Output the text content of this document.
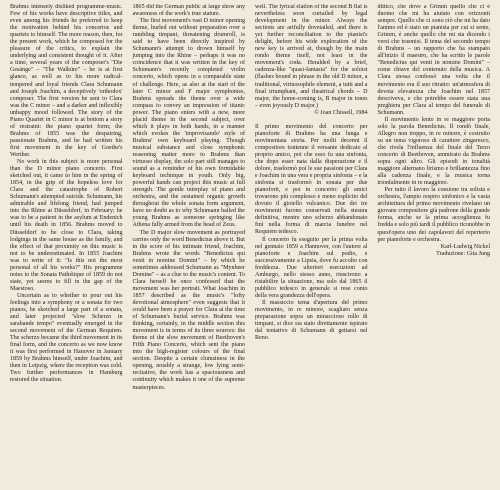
Brahms intensely disliked programme-music. Few of his works have descriptive titles, and even among his friends he preferred to keep the motivation behind his concertos and quartets to himself. The more reason, then, for the present work, which he composed for the pleasure of the critics, to explain the underlying and consistent thought of it. After a time, several years of the composer's "Die Gesänge" – "The Walküre" – he is at first glance, as well as to his more radical-tempered and loyal friends Clara Schumann and Joseph Joachim, a deceptively 'orthodox' composer. The first version he sent to Clara was the C minor – and a darker and inflexibly unhappy mood followed. The story of the Piano Quartet in C minor is at bottom a story of restraint: the piano quartet form; the Brahms of 1855 was the despairing, passionate Brahms, and he had written his first movement in the key of Goethe's Werther.

No work in this subject is more personal than the D minor piano concerto. First sketched out, it came to him in the spring of 1854, in the grip of the hopeless love for Clara and the catastrophe of Robert Schumann's attempted suicide. Schumann, his admirable and lifelong friend, had jumped into the Rhine at Düsseldorf, in February; he was to be a patient in the asylum at Endenich until his death in 1856. Brahms moved to Düsseldorf to be close to Clara, taking lodgings in the same house as the family, and the effect of that proximity on this music is not to be underestimated. In 1855 Joachim was to write of it: "Is this not the most personal of all his works?" His programme notes to the Sonata Pathétique of 1859 do not state, yet seems to fill in the gap of the Maestoso.

Uncertain as to whether to pour out his feelings into a symphony or a sonata for two pianos, he sketched a large part of a sonata, and later projected "slow Scherzo in sarabande tempo" eventually emerged in the second movement of the German Requiem. The scherzo became the third movement in its final form, and the concerto as we now know it was first performed in Hanover in January 1859 by Brahms himself, under Joachim, and then in Leipzig, where the reception was cold. Two further performances in Hamburg restored the situation.

1865 did the German public at large show any awareness of the work's true stature.

The first movement's vast D minor opening theme, hurled out without preparation over a rumbling timpani, threatening drumroll, is said to have been directly inspired by Schumann's attempt to drown himself by jumping into the Rhine – perhaps it was no coincidence that it was written in the key of Schumann's recently completed violin concerto, which opens in a comparable state of challenge. Here, as also at the start of the later C minor and F major symphonies, Brahms spreads the theme over a wide compass to convey an impression of titanic power. The piano enters with a new, more placid theme in the second subject, over which it plays in both hands, in a manner which evokes the 'improvisando' style of Brahms' own keyboard playing. Though musical substance and close symphonic reasoning matter more to Brahms than virtuoso display, the solo part still manages to sound as a reminder of his own formidable keyboard technique in youth. Only big, powerful hands can project this music at full strength. The gentle interplay of piano and orchestra, and the sustained organic growth throughout the whole sonata form argument, have no doubt as to why Schumann hailed the young Brahms as someone springing like Athena fully armed from the head of Zeus.

The D major slow movement as portrayed carries only the word Benedictus above it. But in the score of his intimate friend, Joachim, Brahms wrote the words "Benedictus qui venit in nomine Domini" – by which he sometimes addressed Schumann as "Mynheer Domine" – as a clue to the music's content. To Clara herself he once confessed that the movement was her portrait. What Joachim in 1857 described as the music's "lofty devotional atmosphere" even suggests that it could have been a prayer for Clara at the time of Schumann's burial service. Brahms was thinking, certainly, in the middle section this movement is in terms of its three sources: the theme of the slow movement of Beethoven's Fifth Piano Concerto, which sent the piano into the high-register colours of the final section. Despite a certain clumsiness in the opening, notably a strange, low lying semi-recitative, the work has a spaciousness and continuity which makes it one of the supreme masterpieces.

well. The lyrical elation of the second B flat is nevertheless soon curtailed by legal development in the minor. Always the sections are artfully dovetailed, and there is yet further reconciliation to the pianist's delight, before his wide exploration of the new key is arrived at, though by the main rondo theme itself, not least in the movement's coda. Heralded by a brief, cadenza-like "quasi-fantasia" for the soloist (flashes bound in phrase in the old D minor, a traditional, virtuosophile element, a tutti and a final triumphant, and theatrical chords – D major, the home-coming is, B major in tones – even joyously D major.)

© Joan Chissell, 1984

Il primo movimento del concerto per pianoforte di Brahms ha una lunga e movimentata storia. Per molti decenni il compositore trattenne il versante dedicato al proprio amico, poi che esso fu una sinfonia, che dopo esser nata dalla disperazione e il dolore, trasformò poi le sue passioni per Clara e Joachim in una vera e propria sinfonia – e la sinfonia si trasformò in sonata per due pianoforti, e poi in concerto: gli amici trovarono più complesso e meno esplicito del dovuto il gioiello vulcanico. Due dei tre movimenti furono conservati nella stesura definitiva, mentre uno scherzo abbandonato finì nella forma di marcia funebre nel Requiem tedesco.

Il concerto fu eseguito per la prima volta nel gennaio 1859 a Hannover, con l'autore al pianoforte e Joachim sul podio, e successivamente a Lipsia, dove fu accolto con freddezza. Due ulteriori esecuzioni ad Amburgo, nello stesso anno, riuscirono a ristabilire la situazione, ma solo dal 1865 il pubblico tedesco in generale si rese conto della vera grandezza dell'opera.

Il massiccio tema d'apertura del primo movimento, in re minore, scagliato senza preparazione sopra un minaccioso rullo di timpani, si dice sia stato direttamente ispirato dal tentativo di Schumann di gettarsi nel Reno.

dittico, che dove a Grimm quello che ci è duomo che mi ha aiutato con orizzonti sempre. Quello che ci sono ciò che mi ha dato l'animo ed è stato un pianista per cui si sente, Grimm, è anche quello che mi sta dicendo i versi che trasmisi. Il tema del secondo tempo di Brahms – un rapporto che ha stampato all'inizio il maestro, che ha scritto le parole "Benedictus qui venit in nomine Domini" – come chiave del contenuto della musica. A Clara stessa confessò una volta che il movimento era il suo ritratto: un'atmosfera di devota elevatezza che Joachim nel 1857 descriveva, e che potrebbe essere stata una preghiera per Clara al tempo del funerale di Schumann.

Il movimento lento in re maggiore porta solo la parola Benedictus. Il rondò finale, Allegro non troppo, in re minore, è costruito su un tema vigoroso di carattere zingaresco, che rivela l'influenza del finale del Terzo concerto di Beethoven, ammirato da Brahms sopra ogni altro. Gli episodi in tonalità maggiore alternano lirismo e brillantezza fino alla cadenza finale, e la musica torna trionfalmente in re maggiore.

Per tutto il lavoro la coesione tra solista e orchestra, l'ampio respiro sinfonico e la vasta architettura del primo movimento rivelano un giovane compositore già padrone della grande forma, anche se la prima accoglienza fu fredda e solo più tardi il pubblico riconobbe in quest'opera uno dei capolavori del repertorio per pianoforte e orchestra.

Karl-Ludwig Nickel

Traduzione: Gita Jung
